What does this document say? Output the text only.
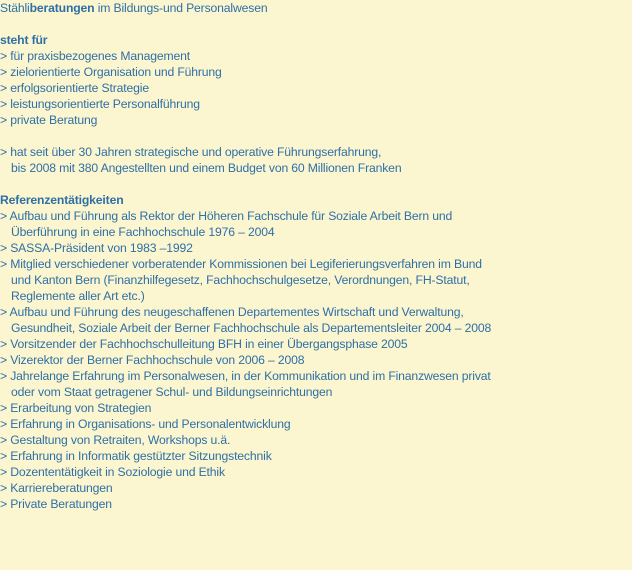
Stähliberatungen im Bildungs-und Personalwesen
steht für
> für praxisbezogenes Management
> zielorientierte Organisation und Führung
> erfolgsorientierte Strategie
> leistungsorientierte Personalführung
> private Beratung
> hat seit über 30 Jahren strategische und operative Führungserfahrung,
bis 2008 mit 380 Angestellten und einem Budget von 60 Millionen Franken
Referenzentätigkeiten
> Aufbau und Führung als Rektor der Höheren Fachschule für Soziale Arbeit Bern und
Überführung in eine Fachhochschule 1976 – 2004
> SASSA-Präsident von 1983 –1992
> Mitglied verschiedener vorberatender Kommissionen bei Legiferierungsverfahren im Bund
und Kanton Bern (Finanzhilfegesetz, Fachhochschulgesetze, Verordnungen, FH-Statut,
Reglemente aller Art etc.)
> Aufbau und Führung des neugeschaffenen Departementes Wirtschaft und Verwaltung,
Gesundheit, Soziale Arbeit der Berner Fachhochschule als Departementsleiter 2004 – 2008
> Vorsitzender der Fachhochschulleitung BFH in einer Übergangsphase 2005
> Vizerektor der Berner Fachhochschule von 2006 – 2008
> Jahrelange Erfahrung im Personalwesen, in der Kommunikation und im Finanzwesen privat
oder vom Staat getragener Schul- und Bildungseinrichtungen
> Erarbeitung von Strategien
> Erfahrung in Organisations- und Personalentwicklung
> Gestaltung von Retraiten, Workshops u.ä.
> Erfahrung in Informatik gestützter Sitzungstechnik
> Dozententätigkeit in Soziologie und Ethik
> Karriereberatungen
> Private Beratungen
